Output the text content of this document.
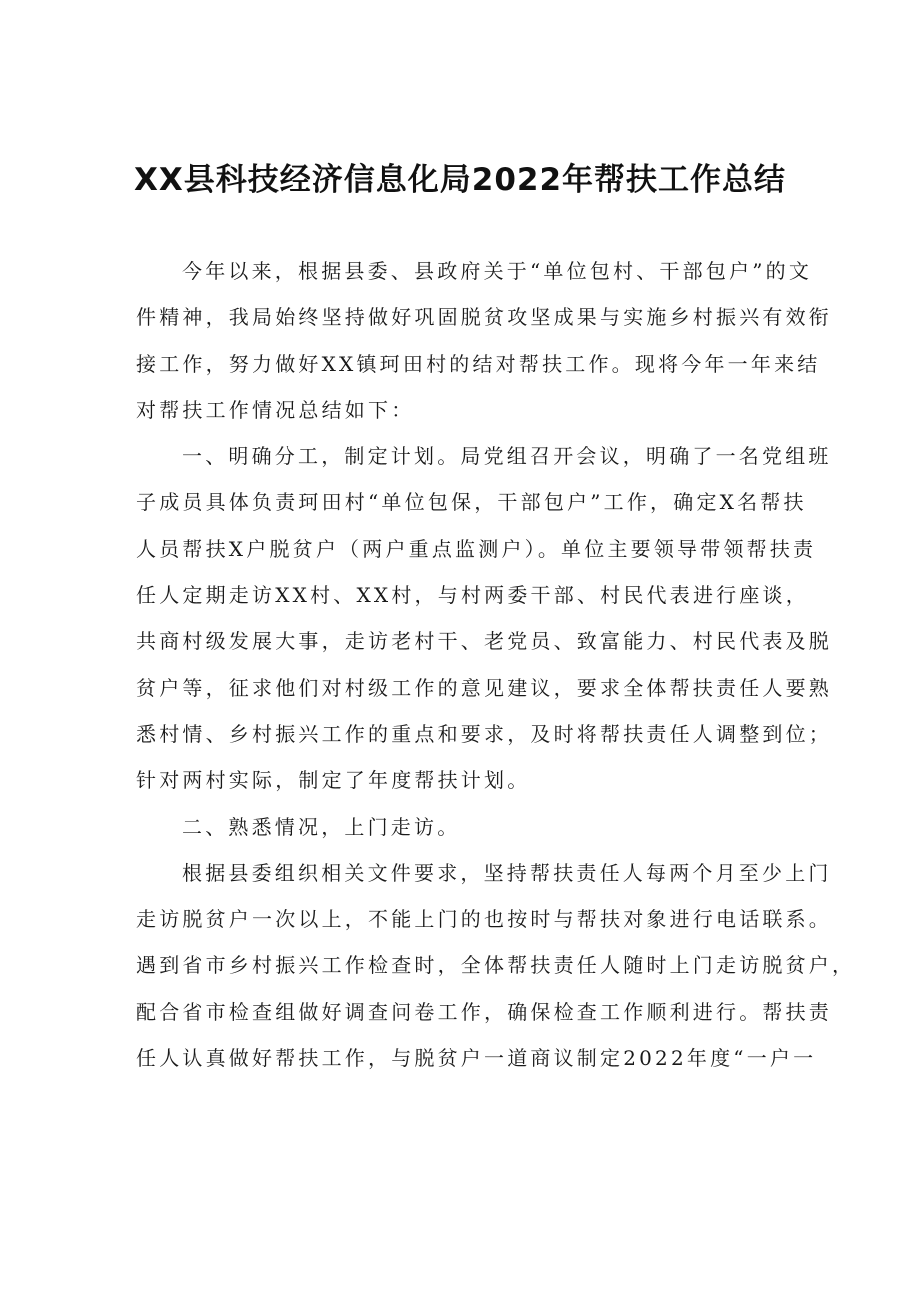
XX县科技经济信息化局2022年帮扶工作总结
今年以来，根据县委、县政府关于“单位包村、干部包户”的文
件精神，我局始终坚持做好巩固脱贫攻坚成果与实施乡村振兴有效衔
接工作，努力做好XX镇珂田村的结对帮扶工作。现将今年一年来结
对帮扶工作情况总结如下：
一、明确分工，制定计划。局党组召开会议，明确了一名党组班
子成员具体负责珂田村“单位包保，干部包户”工作，确定X名帮扶
人员帮扶X户脱贫户（两户重点监测户）。单位主要领导带领帮扶责
任人定期走访XX村、XX村，与村两委干部、村民代表进行座谈，
共商村级发展大事，走访老村干、老党员、致富能力、村民代表及脱
贫户等，征求他们对村级工作的意见建议，要求全体帮扶责任人要熟
悉村情、乡村振兴工作的重点和要求，及时将帮扶责任人调整到位；
针对两村实际，制定了年度帮扶计划。
二、熟悉情况，上门走访。
根据县委组织相关文件要求，坚持帮扶责任人每两个月至少上门
走访脱贫户一次以上，不能上门的也按时与帮扶对象进行电话联系。
遇到省市乡村振兴工作检查时，全体帮扶责任人随时上门走访脱贫户，
配合省市检查组做好调查问卷工作，确保检查工作顺利进行。帮扶责
任人认真做好帮扶工作，与脱贫户一道商议制定2022年度“一户一
